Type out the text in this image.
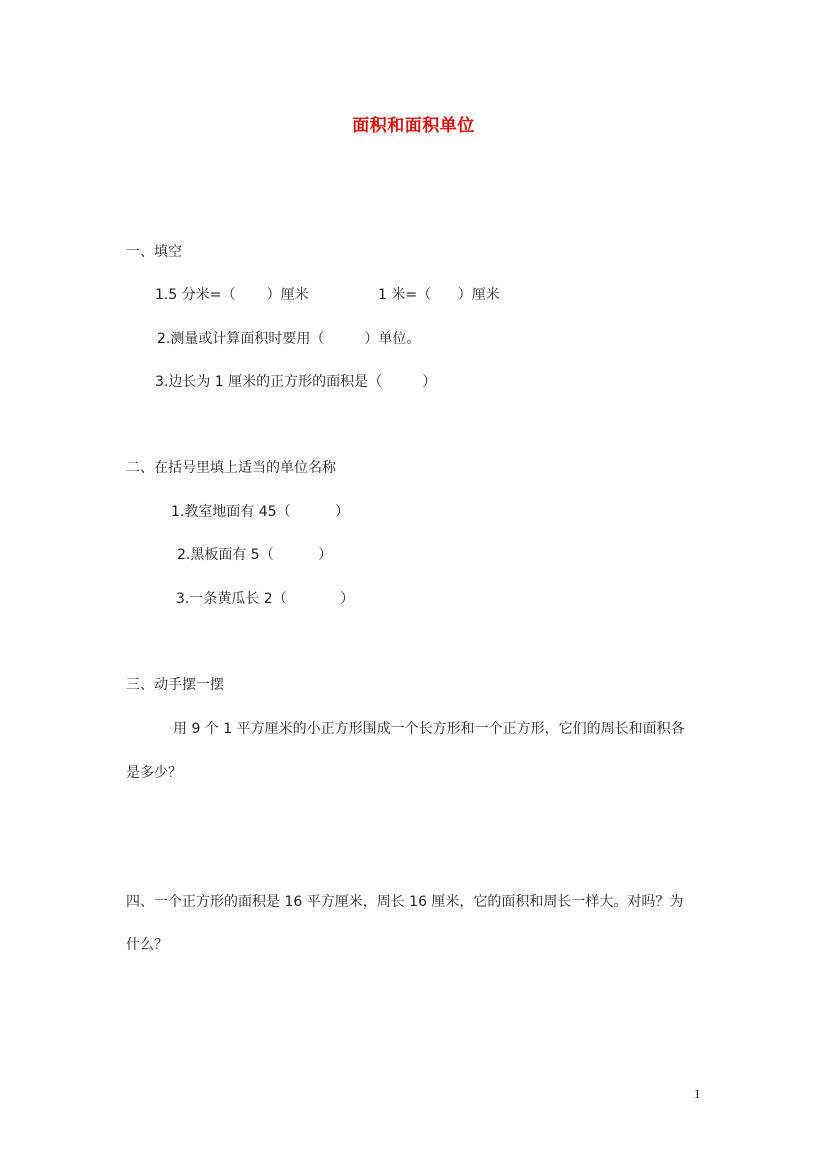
面积和面积单位
一、填空
1.5 分米=（       ）厘米	1 米=（      ）厘米
2.测量或计算面积时要用（         ）单位。
3.边长为 1 厘米的正方形的面积是（         ）
二、在括号里填上适当的单位名称
1.教室地面有 45（          ）
2.黑板面有 5（          ）
3.一条黄瓜长 2（            ）
三、动手摆一摆
用 9 个 1 平方厘米的小正方形围成一个长方形和一个正方形，它们的周长和面积各
是多少？
四、一个正方形的面积是 16 平方厘米，周长 16 厘米，它的面积和周长一样大。对吗？为
什么？
1
